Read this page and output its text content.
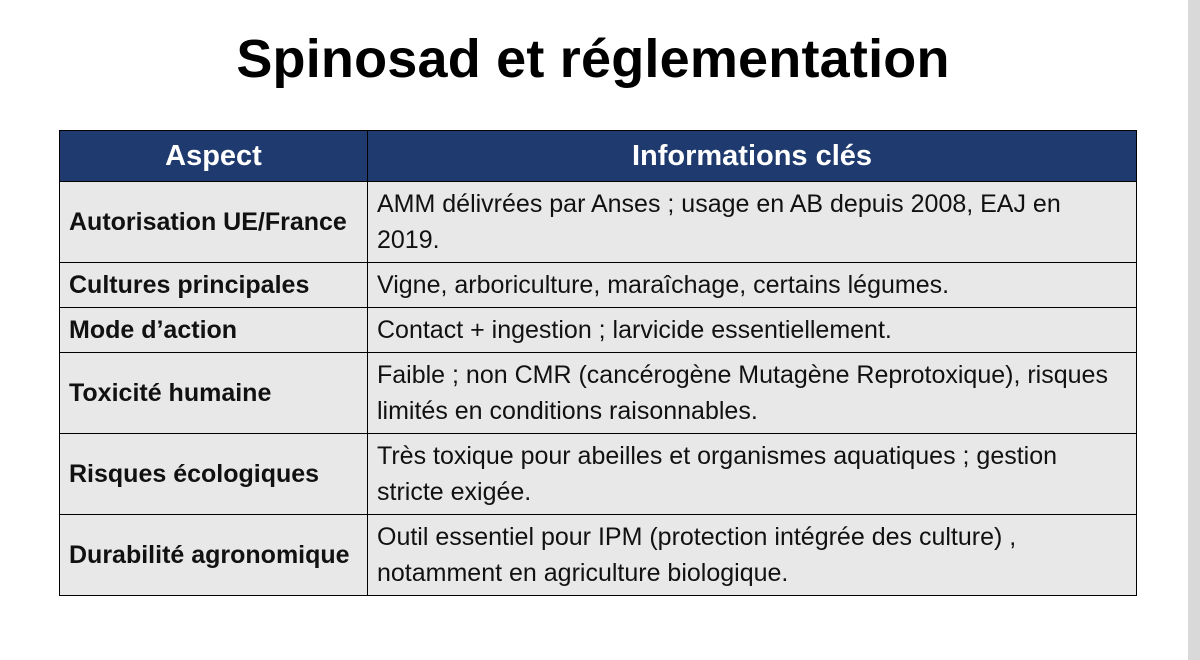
Spinosad et réglementation
Aspect	Informations clés
Autorisation UE/France	AMM délivrées par Anses ; usage en AB depuis 2008, EAJ en 2019.
Cultures principales	Vigne, arboriculture, maraîchage, certains légumes.
Mode d’action	Contact + ingestion ; larvicide essentiellement.
Toxicité humaine	Faible ; non CMR (cancérogène Mutagène Reprotoxique), risques limités en conditions raisonnables.
Risques écologiques	Très toxique pour abeilles et organismes aquatiques ; gestion stricte exigée.
Durabilité agronomique	Outil essentiel pour IPM (protection intégrée des culture) , notamment en agriculture biologique.
